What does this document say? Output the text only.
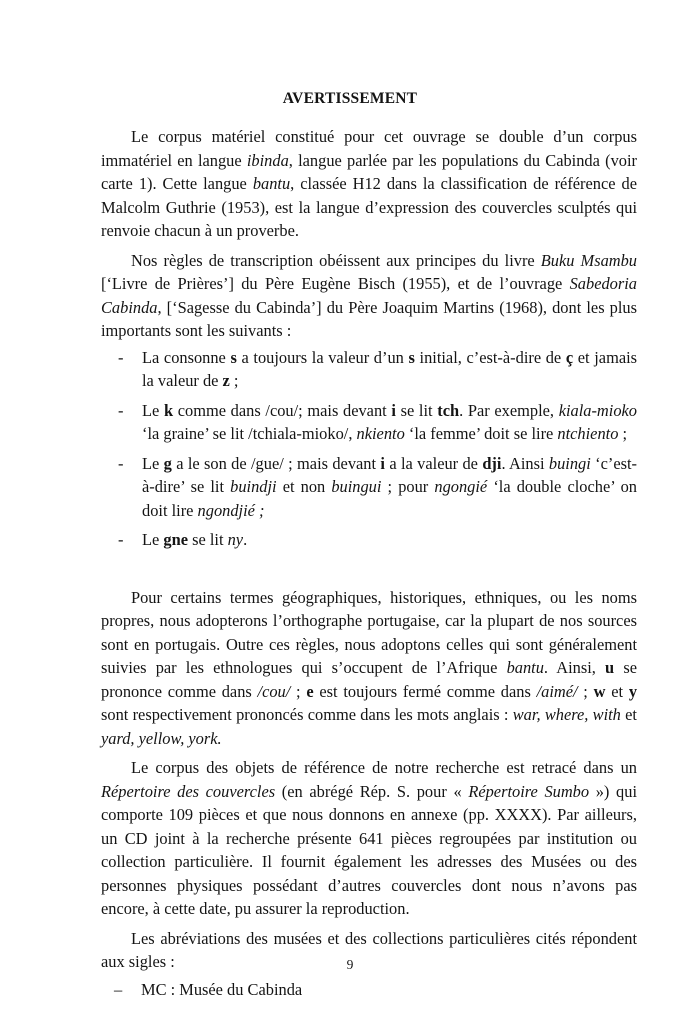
AVERTISSEMENT

Le corpus matériel constitué pour cet ouvrage se double d’un corpus immatériel en langue ibinda, langue parlée par les populations du Cabinda (voir carte 1). Cette langue bantu, classée H12 dans la classification de référence de Malcolm Guthrie (1953), est la langue d’expression des couvercles sculptés qui renvoie chacun à un proverbe.

Nos règles de transcription obéissent aux principes du livre Buku Msambu [‘Livre de Prières’] du Père Eugène Bisch (1955), et de l’ouvrage Sabedoria Cabinda, [‘Sagesse du Cabinda’] du Père Joaquim Martins (1968), dont les plus importants sont les suivants :

- La consonne s a toujours la valeur d’un s initial, c’est-à-dire de ç et jamais la valeur de z ;
- Le k comme dans /cou/; mais devant i se lit tch. Par exemple, kiala-mioko ‘la graine’ se lit /tchiala-mioko/, nkiento ‘la femme’ doit se lire ntchiento ;
- Le g a le son de /gue/ ; mais devant i a la valeur de dji. Ainsi buingi ‘c’est-à-dire’ se lit buindji et non buingui ; pour ngongié ‘la double cloche’ on doit lire ngondjié ;
- Le gne se lit ny.

Pour certains termes géographiques, historiques, ethniques, ou les noms propres, nous adopterons l’orthographe portugaise, car la plupart de nos sources sont en portugais. Outre ces règles, nous adoptons celles qui sont généralement suivies par les ethnologues qui s’occupent de l’Afrique bantu. Ainsi, u se prononce comme dans /cou/ ; e est toujours fermé comme dans /aimé/ ; w et y sont respectivement prononcés comme dans les mots anglais : war, where, with et yard, yellow, york.

Le corpus des objets de référence de notre recherche est retracé dans un Répertoire des couvercles (en abrégé Rép. S. pour « Répertoire Sumbo ») qui comporte 109 pièces et que nous donnons en annexe (pp. XXXX). Par ailleurs, un CD joint à la recherche présente 641 pièces regroupées par institution ou collection particulière. Il fournit également les adresses des Musées ou des personnes physiques possédant d’autres couvercles dont nous n’avons pas encore, à cette date, pu assurer la reproduction.

Les abréviations des musées et des collections particulières cités répondent aux sigles :

– MC : Musée du Cabinda
9
